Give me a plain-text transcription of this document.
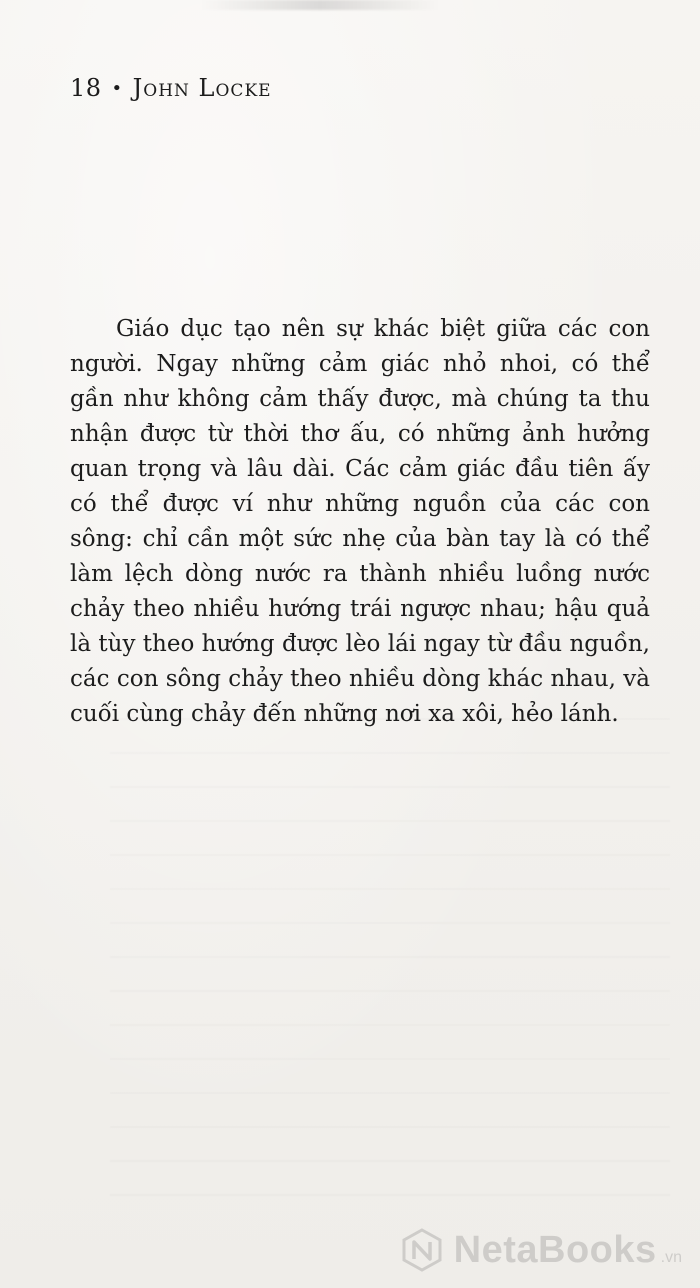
18 • John Locke

Giáo dục tạo nên sự khác biệt giữa các con người. Ngay những cảm giác nhỏ nhoi, có thể gần như không cảm thấy được, mà chúng ta thu nhận được từ thời thơ ấu, có những ảnh hưởng quan trọng và lâu dài. Các cảm giác đầu tiên ấy có thể được ví như những nguồn của các con sông: chỉ cần một sức nhẹ của bàn tay là có thể làm lệch dòng nước ra thành nhiều luồng nước chảy theo nhiều hướng trái ngược nhau; hậu quả là tùy theo hướng được lèo lái ngay từ đầu nguồn, các con sông chảy theo nhiều dòng khác nhau, và cuối cùng chảy đến những nơi xa xôi, hẻo lánh.

NetaBooks .vn
